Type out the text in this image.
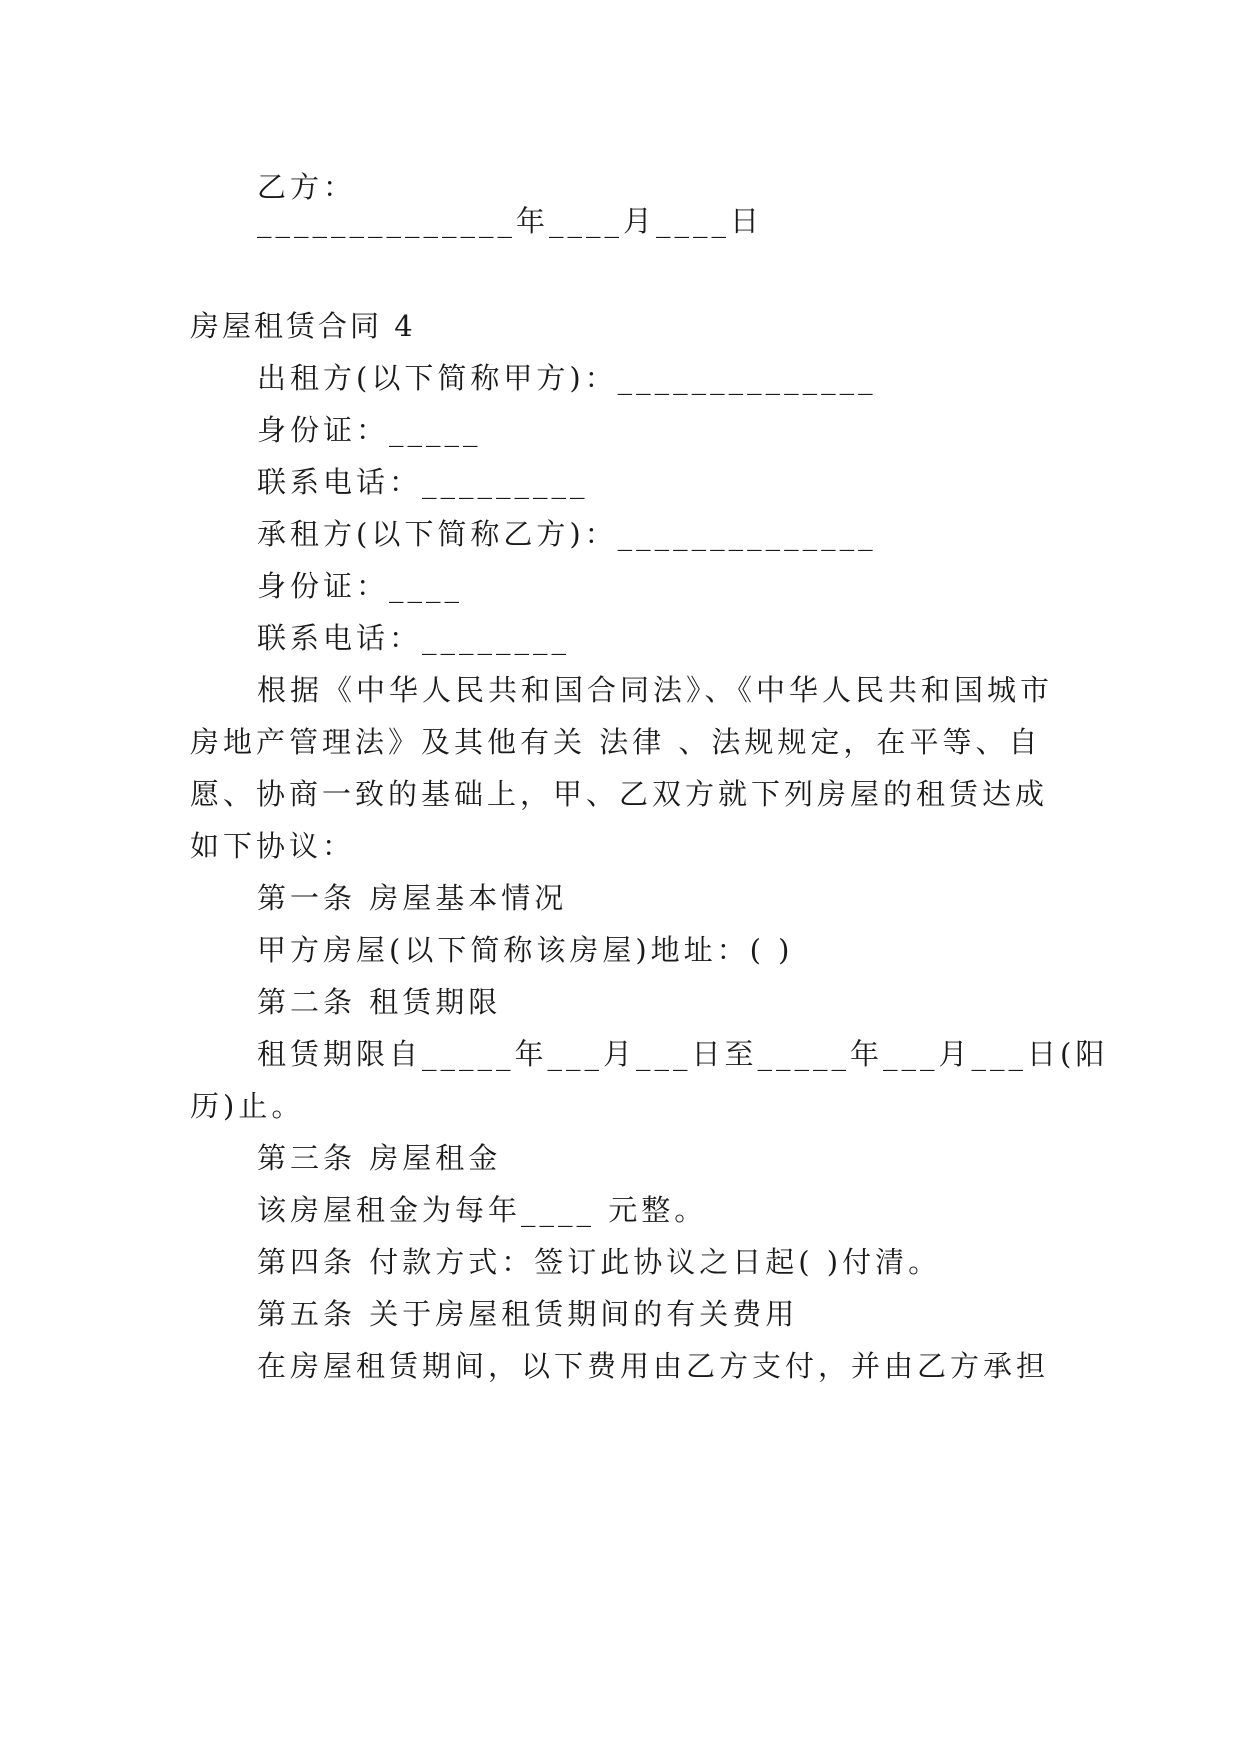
乙方：
______________年____月____日
房屋租赁合同 4
出租方(以下简称甲方)：______________
身份证：_____
联系电话：_________
承租方(以下简称乙方)：______________
身份证：____
联系电话：________
根据《中华人民共和国合同法》、《中华人民共和国城市
房地产管理法》及其他有关 法律 、法规规定，在平等、自
愿、协商一致的基础上，甲、乙双方就下列房屋的租赁达成
如下协议：
第一条 房屋基本情况
甲方房屋(以下简称该房屋)地址：( )
第二条 租赁期限
租赁期限自_____年___月___日至_____年___月___日(阳
历)止。
第三条 房屋租金
该房屋租金为每年____ 元整。
第四条 付款方式：签订此协议之日起( )付清。
第五条 关于房屋租赁期间的有关费用
在房屋租赁期间，以下费用由乙方支付，并由乙方承担
